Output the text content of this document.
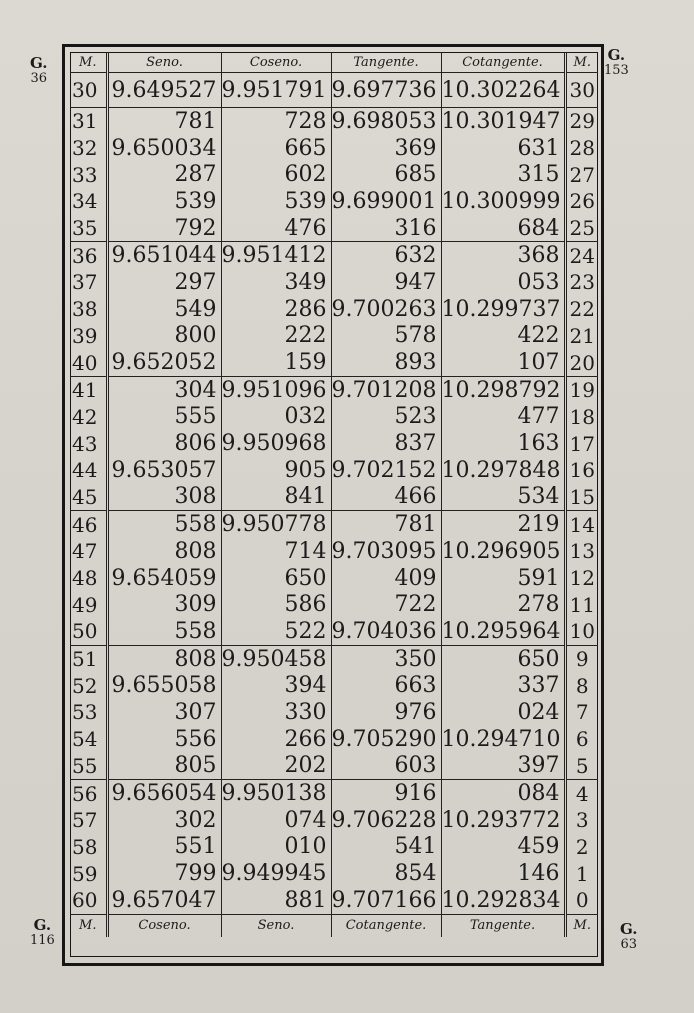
G.
36
G.
153
G.
116
G.
63
M.	Seno.	Coseno.	Tangente.	Cotangente.	M.
30	9.649527	9.951791	9.697736	10.302264	30
31	781	728	9.698053	10.301947	29
32	9.650034	665	369	631	28
33	287	602	685	315	27
34	539	539	9.699001	10.300999	26
35	792	476	316	684	25
36	9.651044	9.951412	632	368	24
37	297	349	947	053	23
38	549	286	9.700263	10.299737	22
39	800	222	578	422	21
40	9.652052	159	893	107	20
41	304	9.951096	9.701208	10.298792	19
42	555	032	523	477	18
43	806	9.950968	837	163	17
44	9.653057	905	9.702152	10.297848	16
45	308	841	466	534	15
46	558	9.950778	781	219	14
47	808	714	9.703095	10.296905	13
48	9.654059	650	409	591	12
49	309	586	722	278	11
50	558	522	9.704036	10.295964	10
51	808	9.950458	350	650	9
52	9.655058	394	663	337	8
53	307	330	976	024	7
54	556	266	9.705290	10.294710	6
55	805	202	603	397	5
56	9.656054	9.950138	916	084	4
57	302	074	9.706228	10.293772	3
58	551	010	541	459	2
59	799	9.949945	854	146	1
60	9.657047	881	9.707166	10.292834	0
M.	Coseno.	Seno.	Cotangente.	Tangente.	M.
